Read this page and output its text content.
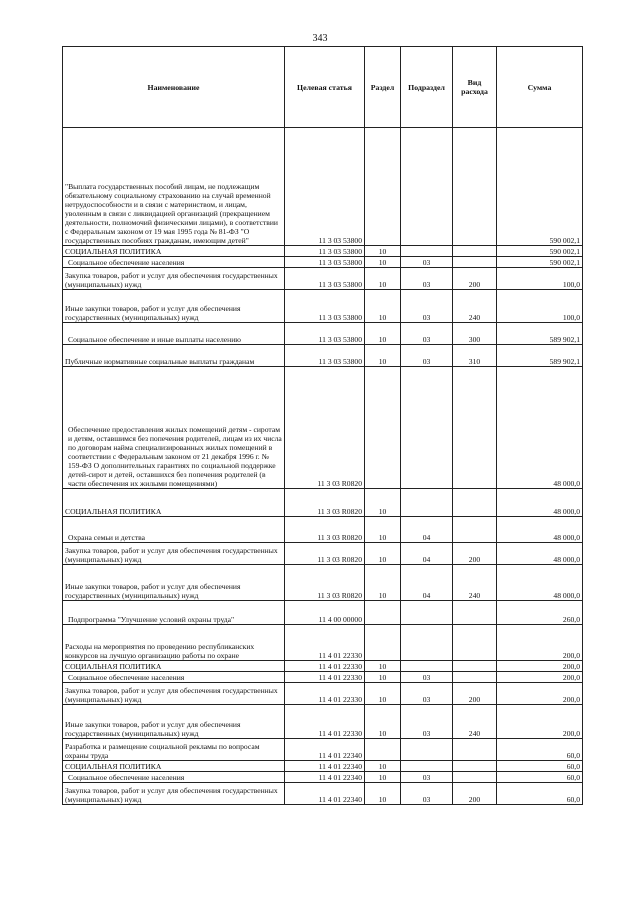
343
Наименование	Целевая статья	Раздел	Подраздел	Вид расхода	Сумма
"Выплата государственных пособий лицам, не подлежащим обязательному социальному страхованию на случай временной нетрудоспособности и в связи с материнством, и лицам, уволенным в связи с ликвидацией организаций (прекращением деятельности, полномочий физическими лицами), в соответствии с Федеральным законом от 19 мая 1995 года № 81-ФЗ "О государственных пособиях гражданам, имеющим детей"	11 3 03 53800				590 002,1
СОЦИАЛЬНАЯ ПОЛИТИКА	11 3 03 53800	10			590 002,1
Социальное обеспечение населения	11 3 03 53800	10	03		590 002,1
Закупка товаров, работ и услуг для обеспечения государственных (муниципальных) нужд	11 3 03 53800	10	03	200	100,0
Иные закупки товаров, работ и услуг для обеспечения государственных (муниципальных) нужд	11 3 03 53800	10	03	240	100,0
Социальное обеспечение и иные выплаты населению	11 3 03 53800	10	03	300	589 902,1
Публичные нормативные социальные выплаты гражданам	11 3 03 53800	10	03	310	589 902,1
Обеспечение предоставления жилых помещений детям - сиротам и детям, оставшимся без попечения родителей, лицам из их числа по договорам найма специализированных жилых помещений в соответствии с Федеральным законом от 21 декабря 1996 г. № 159-ФЗ О дополнительных гарантиях по социальной поддержке детей-сирот и детей, оставшихся без попечения родителей (в части обеспечения их жилыми помещениями)	11 3 03 R0820				48 000,0
СОЦИАЛЬНАЯ ПОЛИТИКА	11 3 03 R0820	10			48 000,0
Охрана семьи и детства	11 3 03 R0820	10	04		48 000,0
Закупка товаров, работ и услуг для обеспечения государственных (муниципальных) нужд	11 3 03 R0820	10	04	200	48 000,0
Иные закупки товаров, работ и услуг для обеспечения государственных (муниципальных) нужд	11 3 03 R0820	10	04	240	48 000,0
Подпрограмма "Улучшение условий охраны труда"	11 4 00 00000				260,0
Расходы на мероприятия по проведению республиканских конкурсов на лучшую организацию работы по охране	11 4 01 22330				200,0
СОЦИАЛЬНАЯ ПОЛИТИКА	11 4 01 22330	10			200,0
Социальное обеспечение населения	11 4 01 22330	10	03		200,0
Закупка товаров, работ и услуг для обеспечения государственных (муниципальных) нужд	11 4 01 22330	10	03	200	200,0
Иные закупки товаров, работ и услуг для обеспечения государственных (муниципальных) нужд	11 4 01 22330	10	03	240	200,0
Разработка и размещение социальной рекламы по вопросам охраны труда	11 4 01 22340				60,0
СОЦИАЛЬНАЯ ПОЛИТИКА	11 4 01 22340	10			60,0
Социальное обеспечение населения	11 4 01 22340	10	03		60,0
Закупка товаров, работ и услуг для обеспечения государственных (муниципальных) нужд	11 4 01 22340	10	03	200	60,0
